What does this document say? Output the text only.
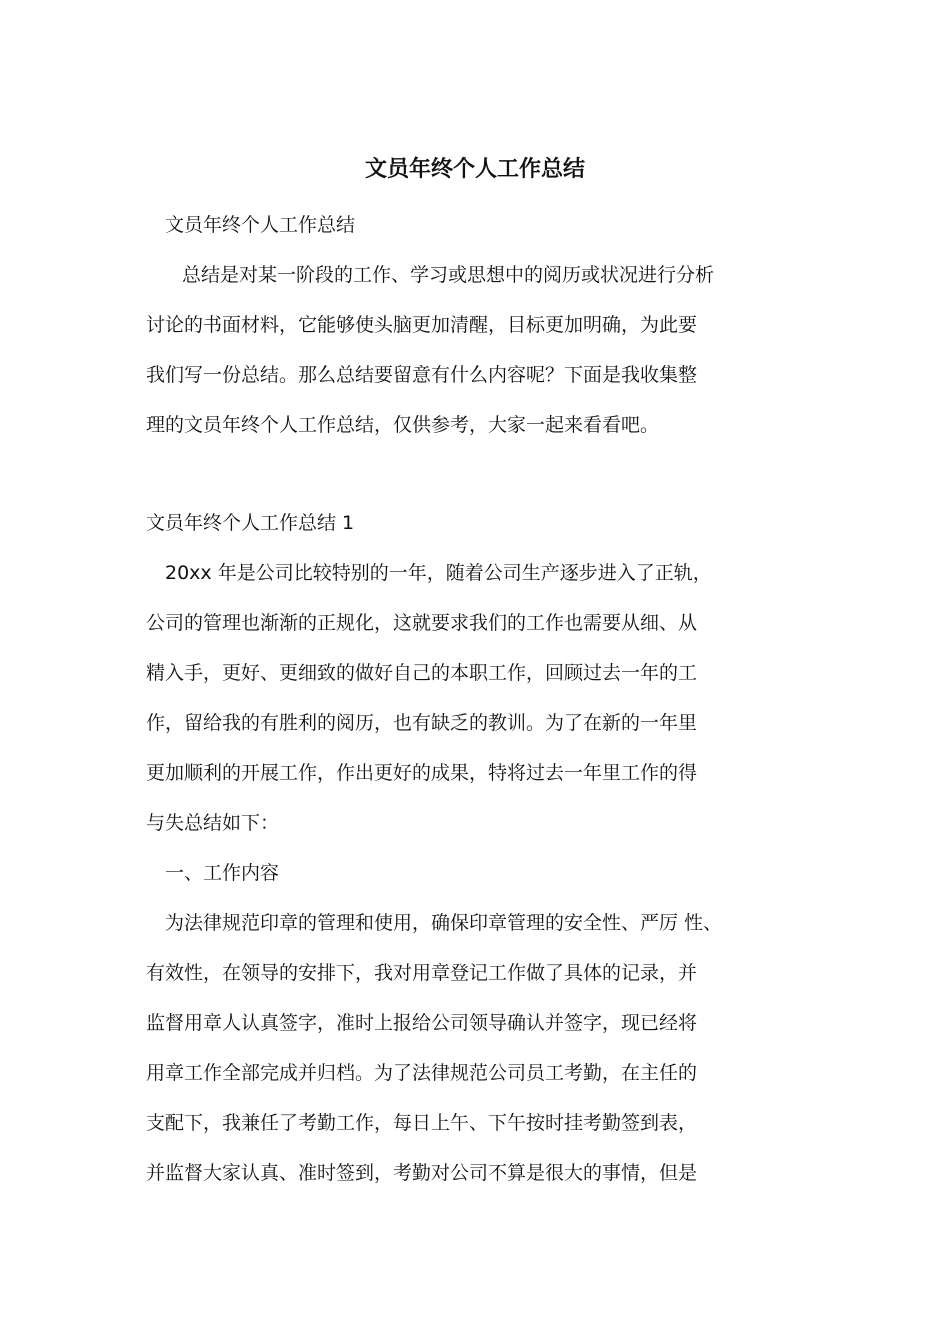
文员年终个人工作总结
文员年终个人工作总结
总结是对某一阶段的工作、学习或思想中的阅历或状况进行分析
讨论的书面材料，它能够使头脑更加清醒，目标更加明确，为此要
我们写一份总结。那么总结要留意有什么内容呢？下面是我收集整
理的文员年终个人工作总结，仅供参考，大家一起来看看吧。
文员年终个人工作总结 1
20xx 年是公司比较特别的一年，随着公司生产逐步进入了正轨，
公司的管理也渐渐的正规化，这就要求我们的工作也需要从细、从
精入手，更好、更细致的做好自己的本职工作，回顾过去一年的工
作，留给我的有胜利的阅历，也有缺乏的教训。为了在新的一年里
更加顺利的开展工作，作出更好的成果，特将过去一年里工作的得
与失总结如下：
一、工作内容
为法律规范印章的管理和使用，确保印章管理的安全性、严厉 性、
有效性，在领导的安排下，我对用章登记工作做了具体的记录，并
监督用章人认真签字，准时上报给公司领导确认并签字，现已经将
用章工作全部完成并归档。为了法律规范公司员工考勤，在主任的
支配下，我兼任了考勤工作，每日上午、下午按时挂考勤签到表，
并监督大家认真、准时签到，考勤对公司不算是很大的事情，但是
